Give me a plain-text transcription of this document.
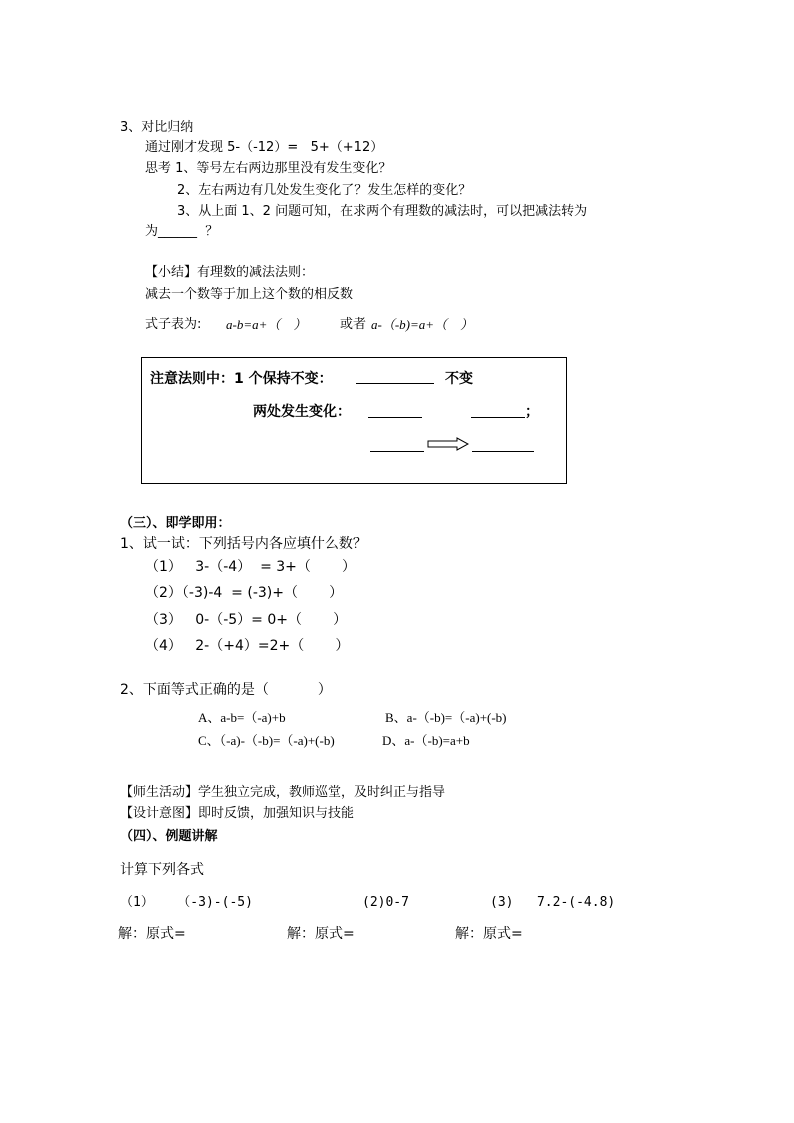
3、对比归纳
通过刚才发现 5-（-12）=   5+（+12）
思考 1、等号左右两边那里没有发生变化？
2、左右两边有几处发生变化了？发生怎样的变化？
3、从上面 1、2 问题可知，在求两个有理数的减法时，可以把减法转为
为______  ？
【小结】有理数的减法法则：
减去一个数等于加上这个数的相反数
式子表为: a-b=a+（    ）	或者 a-（-b)=a+（    ）
注意法则中：1 个保持不变：	不变
两处发生变化：	；
（三）、即学即用：
1、试一试：下列括号内各应填什么数？
（1）   3-（-4）  = 3+（       ）
（2）（-3)-4  = (-3)+（       ）
（3）   0-（-5）= 0+（       ）
（4）   2-（+4）=2+（       ）
2、下面等式正确的是（           ）
A、a-b=（-a)+b	B、a-（-b)=（-a)+(-b)
C、（-a)-（-b)=（-a)+(-b)	D、a-（-b)=a+b
【师生活动】学生独立完成，教师巡堂，及时纠正与指导
【设计意图】即时反馈，加强知识与技能
（四）、例题讲解
计算下列各式
（1）   （-3)-(-5)	(2)0-7	(3)   7.2-(-4.8)
解：原式=	解：原式=	解：原式=
